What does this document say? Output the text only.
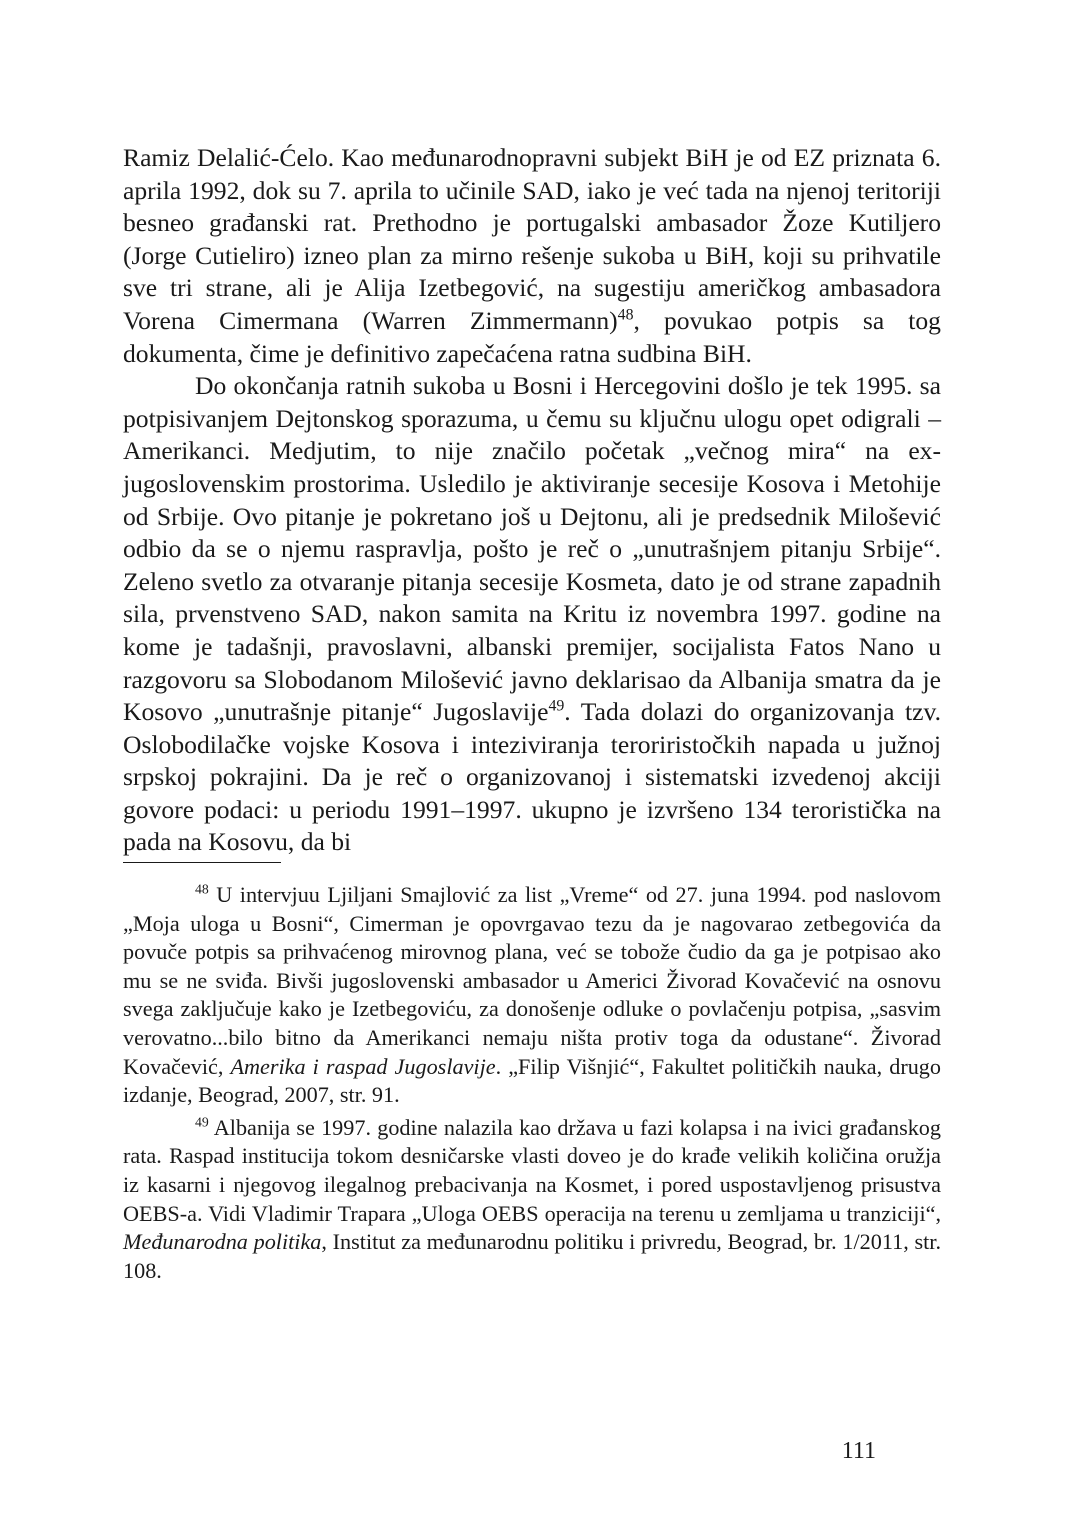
Ramiz Delalić-Ćelo. Kao međunarodnopravni subjekt BiH je od EZ priznata 6. aprila 1992, dok su 7. aprila to učinile SAD, iako je već tada na njenoj teritoriji besneo građanski rat. Prethodno je portugalski ambasador Žoze Kutiljero (Jorge Cutieliro) izneo plan za mirno rešenje sukoba u BiH, koji su prihvatile sve tri strane, ali je Alija Izetbegović, na sugestiju američkog ambasadora Vorena Cimermana (Warren Zimmermann)$^{48}$, povukao potpis sa tog dokumenta, čime je definitivo zapečaćena ratna sudbina BiH.

Do okončanja ratnih sukoba u Bosni i Hercegovini došlo je tek 1995. sa potpisivanjem Dejtonskog sporazuma, u čemu su ključnu ulogu opet odigrali – Amerikanci. Medjutim, to nije značilo početak „večnog mira“ na ex-jugoslovenskim prostorima. Usledilo je aktiviranje secesije Kosova i Metohije od Srbije. Ovo pitanje je pokretano još u Dejtonu, ali je predsednik Milošević odbio da se o njemu raspravlja, pošto je reč o „unutrašnjem pitanju Srbije“. Zeleno svetlo za otvaranje pitanja secesije Kosmeta, dato je od strane zapadnih sila, prvenstveno SAD, nakon samita na Kritu iz novembra 1997. godine na kome je tadašnji, pravoslavni, albanski premijer, socijalista Fatos Nano u razgovoru sa Slobodanom Milošević javno deklarisao da Albanija smatra da je Kosovo „unutrašnje pitanje“ Jugoslavije$^{49}$. Tada dolazi do organizovanja tzv. Oslobodilačke vojske Kosova i inteziviranja teroriristočkih napada u južnoj srpskoj pokrajini. Da je reč o organizovanoj i sistematski izvedenoj akciji govore podaci: u periodu 1991–1997. ukupno je izvršeno 134 teroristička na pada na Kosovu, da bi

$^{48}$ U intervjuu Ljiljani Smajlović za list „Vreme“ od 27. juna 1994. pod naslovom „Moja uloga u Bosni“, Cimerman je opovrgavao tezu da je nagovarao zetbegovića da povuče potpis sa prihvaćenog mirovnog plana, već se tobože čudio da ga je potpisao ako mu se ne sviđa. Bivši jugoslovenski ambasador u Americi Živorad Kovačević na osnovu svega zaključuje kako je Izetbegoviću, za donošenje odluke o povlačenju potpisa, „sasvim verovatno...bilo bitno da Amerikanci nemaju ništa protiv toga da odustane“. Živorad Kovačević, Amerika i raspad Jugoslavije. „Filip Višnjić“, Fakultet političkih nauka, drugo izdanje, Beograd, 2007, str. 91.

$^{49}$ Albanija se 1997. godine nalazila kao država u fazi kolapsa i na ivici građanskog rata. Raspad institucija tokom desničarske vlasti doveo je do krađe velikih količina oružja iz kasarni i njegovog ilegalnog prebacivanja na Kosmet, i pored uspostavljenog prisustva OEBS-a. Vidi Vladimir Trapara „Uloga OEBS operacija na terenu u zemljama u tranziciji“, Međunarodna politika, Institut za međunarodnu politiku i privredu, Beograd, br. 1/2011, str. 108.

111
